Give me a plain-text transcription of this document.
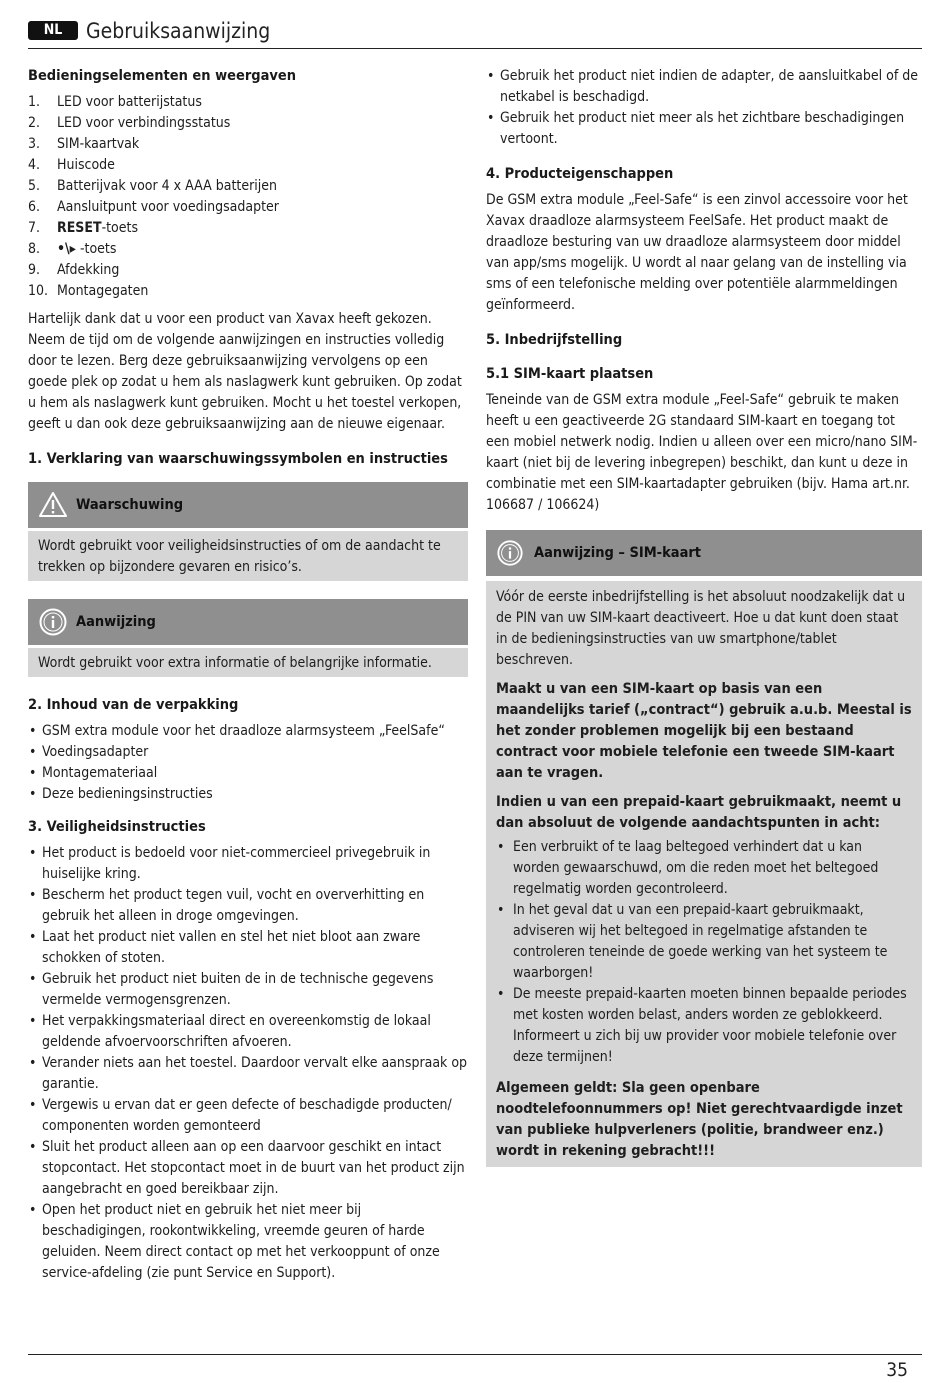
NL	Gebruiksaanwijzing
Bedieningselementen en weergaven
1. LED voor batterijstatus
2. LED voor verbindingsstatus
3. SIM-kaartvak
4. Huiscode
5. Batterijvak voor 4 x AAA batterijen
6. Aansluitpunt voor voedingsadapter
7. RESET-toets
8. •\▸ -toets
9. Afdekking
10. Montagegaten

Hartelijk dank dat u voor een product van Xavax heeft gekozen. Neem de tijd om de volgende aanwijzingen en instructies volledig door te lezen. Berg deze gebruiksaanwijzing vervolgens op een goede plek op zodat u hem als naslagwerk kunt gebruiken. Op zodat u hem als naslagwerk kunt gebruiken. Mocht u het toestel verkopen, geeft u dan ook deze gebruiksaanwijzing aan de nieuwe eigenaar.

1. Verklaring van waarschuwingssymbolen en instructies
Waarschuwing

Wordt gebruikt voor veiligheidsinstructies of om de aandacht te trekken op bijzondere gevaren en risico’s.

Aanwijzing

Wordt gebruikt voor extra informatie of belangrijke informatie.

2. Inhoud van de verpakking
• GSM extra module voor het draadloze alarmsysteem „FeelSafe“
• Voedingsadapter
• Montagemateriaal
• Deze bedieningsinstructies
3. Veiligheidsinstructies
• Het product is bedoeld voor niet-commercieel privegebruik in huiselijke kring.
• Bescherm het product tegen vuil, vocht en oververhitting en gebruik het alleen in droge omgevingen.
• Laat het product niet vallen en stel het niet bloot aan zware schokken of stoten.
• Gebruik het product niet buiten de in de technische gegevens vermelde vermogensgrenzen.
• Het verpakkingsmateriaal direct en overeenkomstig de lokaal geldende afvoervoorschriften afvoeren.
• Verander niets aan het toestel. Daardoor vervalt elke aanspraak op garantie.
• Vergewis u ervan dat er geen defecte of beschadigde producten/ componenten worden gemonteerd
• Sluit het product alleen aan op een daarvoor geschikt en intact stopcontact. Het stopcontact moet in de buurt van het product zijn aangebracht en goed bereikbaar zijn.
• Open het product niet en gebruik het niet meer bij beschadigingen, rookontwikkeling, vreemde geuren of harde geluiden. Neem direct contact op met het verkooppunt of onze service-afdeling (zie punt Service en Support).
• Gebruik het product niet indien de adapter, de aansluitkabel of de netkabel is beschadigd.
• Gebruik het product niet meer als het zichtbare beschadigingen vertoont.
4. Producteigenschappen

De GSM extra module „Feel-Safe“ is een zinvol accessoire voor het Xavax draadloze alarmsysteem FeelSafe. Het product maakt de draadloze besturing van uw draadloze alarmsysteem door middel van app/sms mogelijk. U wordt al naar gelang van de instelling via sms of een telefonische melding over potentiële alarmmeldingen geïnformeerd.

5. Inbedrijfstelling
5.1 SIM-kaart plaatsen

Teneinde van de GSM extra module „Feel-Safe“ gebruik te maken heeft u een geactiveerde 2G standaard SIM-kaart en toegang tot een mobiel netwerk nodig. Indien u alleen over een micro/nano SIM-kaart (niet bij de levering inbegrepen) beschikt, dan kunt u deze in combinatie met een SIM-kaartadapter gebruiken (bijv. Hama art.nr. 106687 / 106624)

Aanwijzing – SIM-kaart

Vóór de eerste inbedrijfstelling is het absoluut noodzakelijk dat u de PIN van uw SIM-kaart deactiveert. Hoe u dat kunt doen staat in de bedieningsinstructies van uw smartphone/tablet beschreven.

Maakt u van een SIM-kaart op basis van een maandelijks tarief („contract“) gebruik a.u.b. Meestal is het zonder problemen mogelijk bij een bestaand contract voor mobiele telefonie een tweede SIM-kaart aan te vragen.

Indien u van een prepaid-kaart gebruikmaakt, neemt u dan absoluut de volgende aandachtspunten in acht:

• Een verbruikt of te laag beltegoed verhindert dat u kan worden gewaarschuwd, om die reden moet het beltegoed regelmatig worden gecontroleerd.
• In het geval dat u van een prepaid-kaart gebruikmaakt, adviseren wij het beltegoed in regelmatige afstanden te controleren teneinde de goede werking van het systeem te waarborgen!
• De meeste prepaid-kaarten moeten binnen bepaalde periodes met kosten worden belast, anders worden ze geblokkeerd. Informeert u zich bij uw provider voor mobiele telefonie over deze termijnen!

Algemeen geldt: Sla geen openbare noodtelefoonnummers op! Niet gerechtvaardigde inzet van publieke hulpverleners (politie, brandweer enz.) wordt in rekening gebracht!!!

35
